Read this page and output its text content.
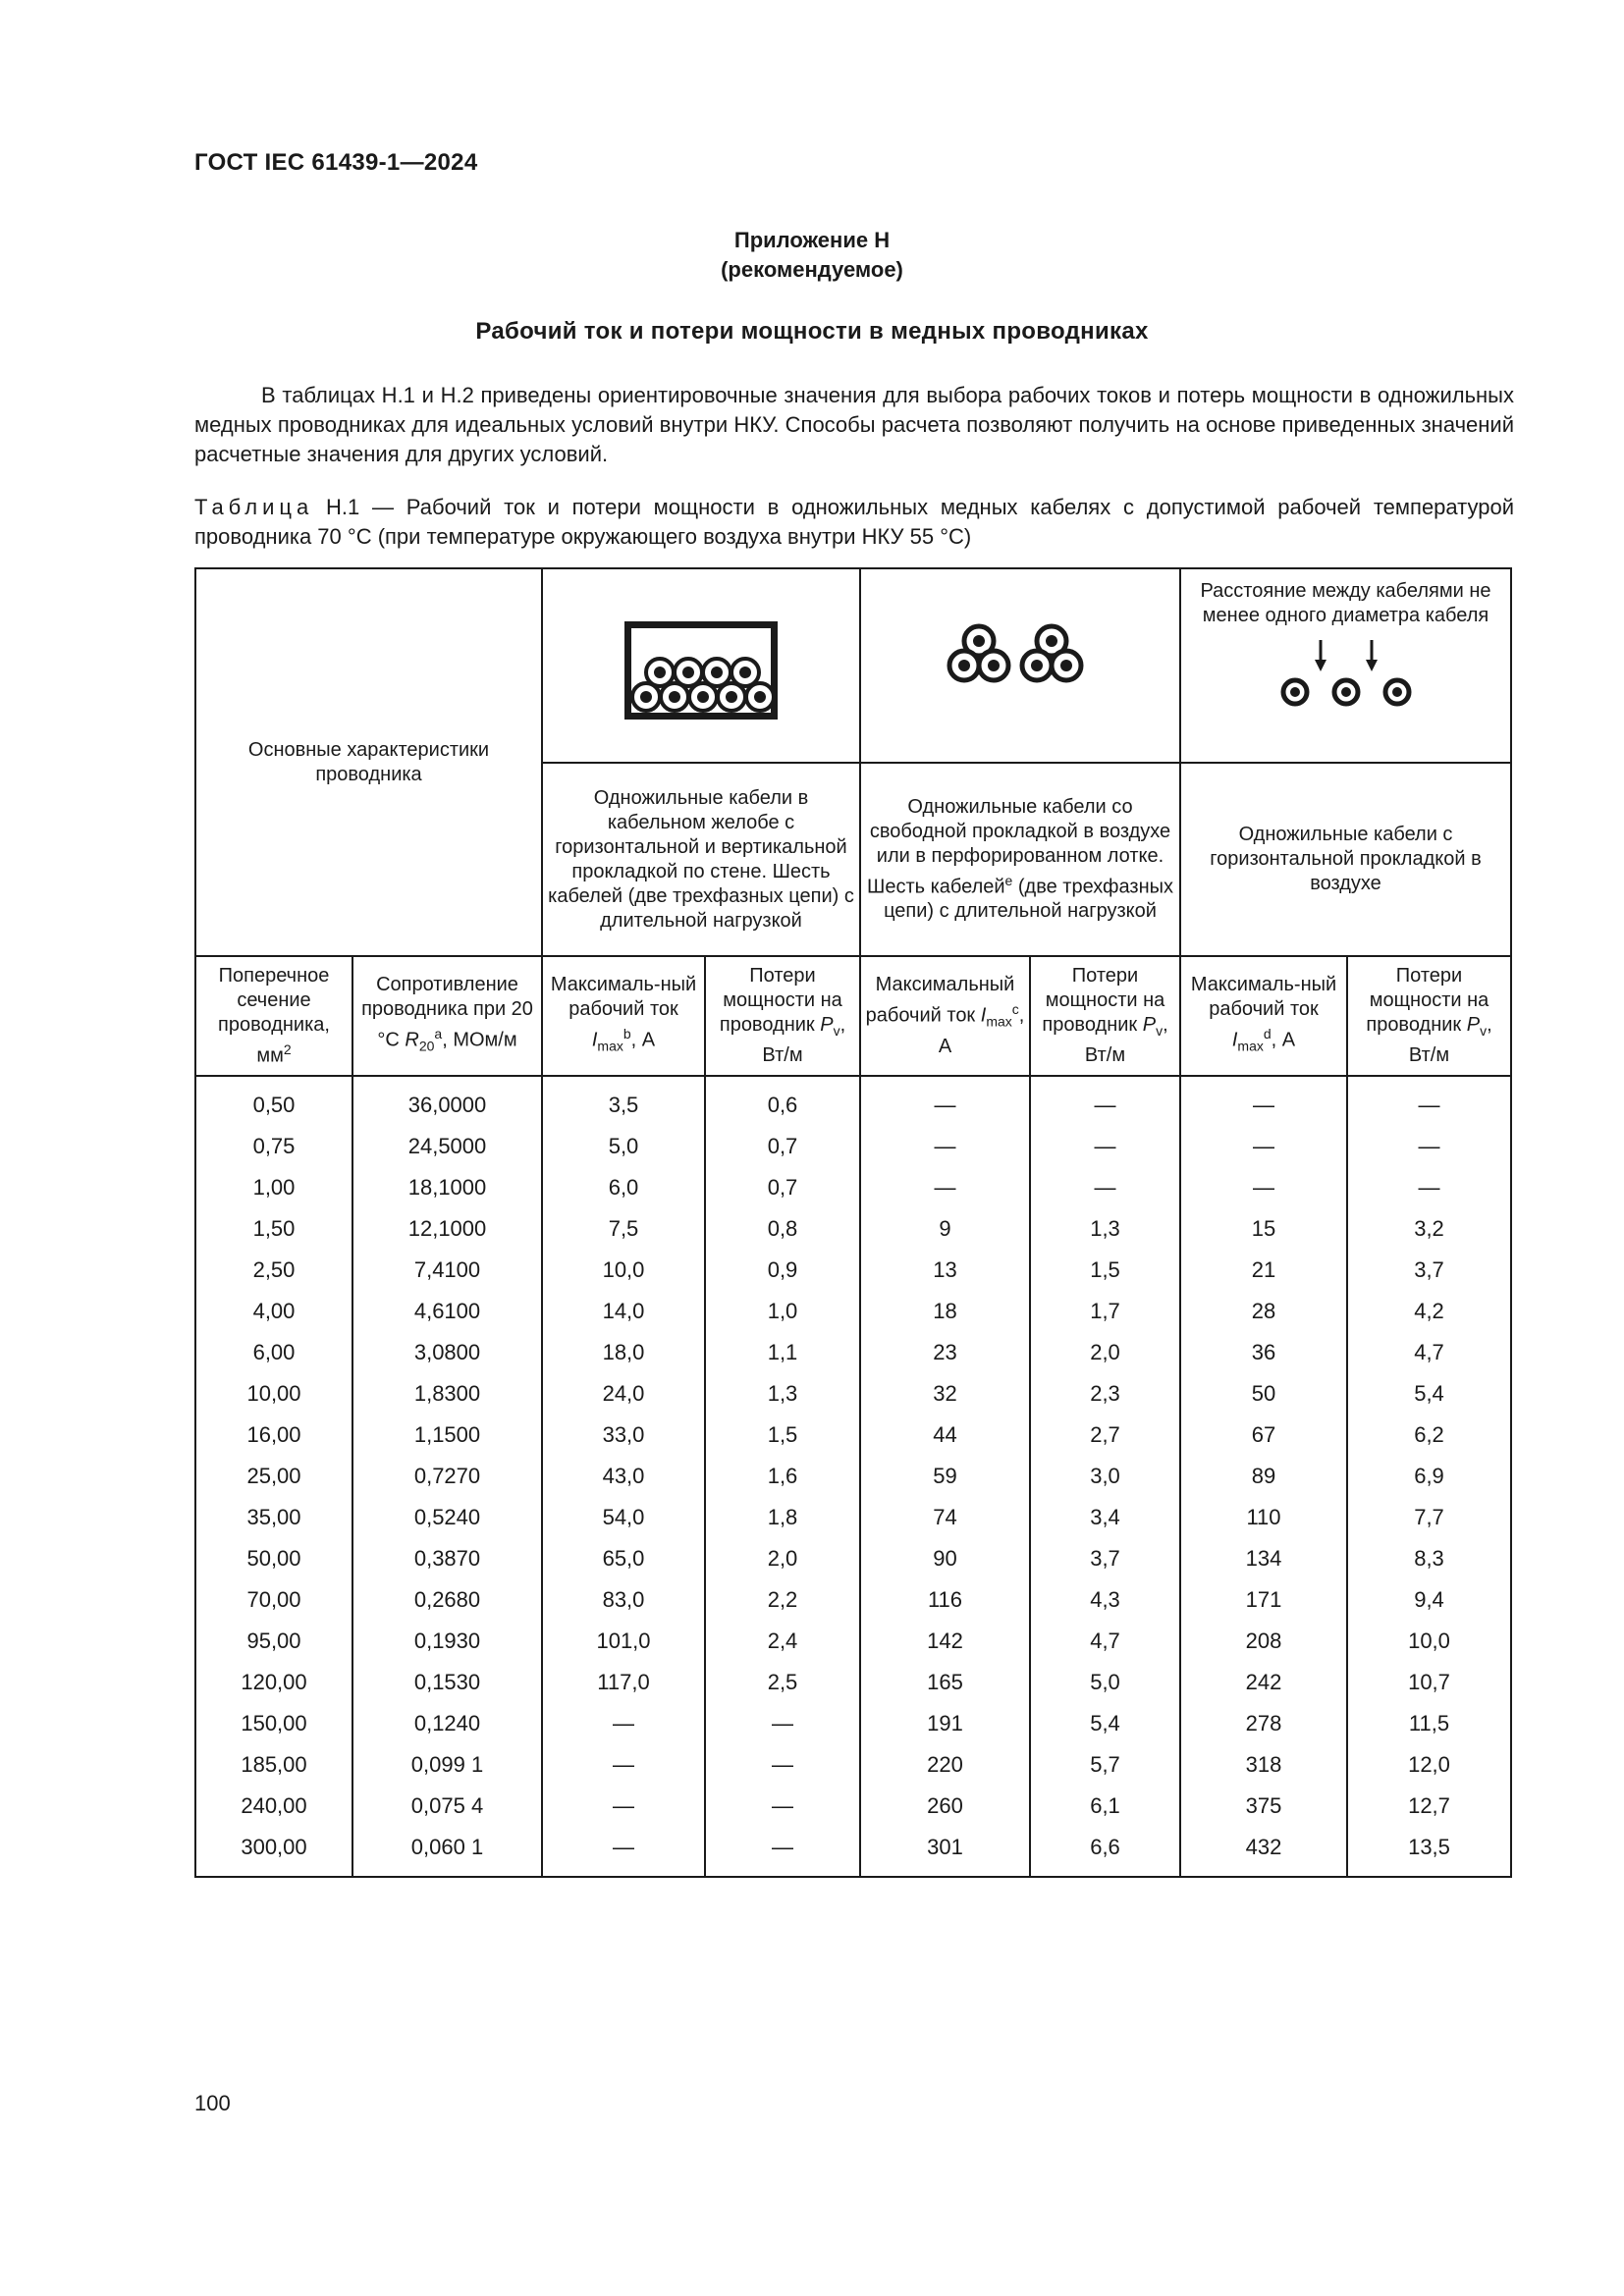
ГОСТ IEC 61439-1—2024
Приложение Н
(рекомендуемое)
Рабочий ток и потери мощности в медных проводниках

В таблицах Н.1 и Н.2 приведены ориентировочные значения для выбора рабочих токов и потерь мощности в одножильных медных проводниках для идеальных условий внутри НКУ. Способы расчета позволяют получить на основе приведенных значений расчетные значения для других условий.

Таблица Н.1 — Рабочий ток и потери мощности в одножильных медных кабелях с допустимой рабочей температурой проводника 70 °С (при температуре окружающего воздуха внутри НКУ 55 °С)

Основные характеристики проводника						Расстояние между кабелями не менее одного диаметра кабеля	

		Одножильные кабели в кабельном желобе с горизонтальной и вертикальной прокладкой по стене. Шесть кабелей (две трехфазных цепи) с длительной нагрузкой		Одножильные кабели со свободной прокладкой в воздухе или в перфорированном лотке. Шесть кабелей$^e$ (две трехфазных цепи) с длительной нагрузкой		Одножильные кабели с горизонтальной прокладкой в воздухе	
Поперечное сечение проводника, $мм^2$	Сопротивление проводника при 20 °С $R_{20}^a$, МОм/м	Максималь-ный рабочий ток $I_{max}^b$, А	Потери мощности на проводник $P_v$, Вт/м	Максимальный рабочий ток $I_{max}^c$, А	Потери мощности на проводник $P_v$, Вт/м	Максималь-ный рабочий ток $I_{max}^d$, А	Потери мощности на проводник $P_v$, Вт/м
0,50	36,0000	3,5	0,6	—	—	—	—
0,75	24,5000	5,0	0,7	—	—	—	—
1,00	18,1000	6,0	0,7	—	—	—	—
1,50	12,1000	7,5	0,8	9	1,3	15	3,2
2,50	7,4100	10,0	0,9	13	1,5	21	3,7
4,00	4,6100	14,0	1,0	18	1,7	28	4,2
6,00	3,0800	18,0	1,1	23	2,0	36	4,7
10,00	1,8300	24,0	1,3	32	2,3	50	5,4
16,00	1,1500	33,0	1,5	44	2,7	67	6,2
25,00	0,7270	43,0	1,6	59	3,0	89	6,9
35,00	0,5240	54,0	1,8	74	3,4	110	7,7
50,00	0,3870	65,0	2,0	90	3,7	134	8,3
70,00	0,2680	83,0	2,2	116	4,3	171	9,4
95,00	0,1930	101,0	2,4	142	4,7	208	10,0
120,00	0,1530	117,0	2,5	165	5,0	242	10,7
150,00	0,1240	—	—	191	5,4	278	11,5
185,00	0,099 1	—	—	220	5,7	318	12,0
240,00	0,075 4	—	—	260	6,1	375	12,7
300,00	0,060 1	—	—	301	6,6	432	13,5
100
